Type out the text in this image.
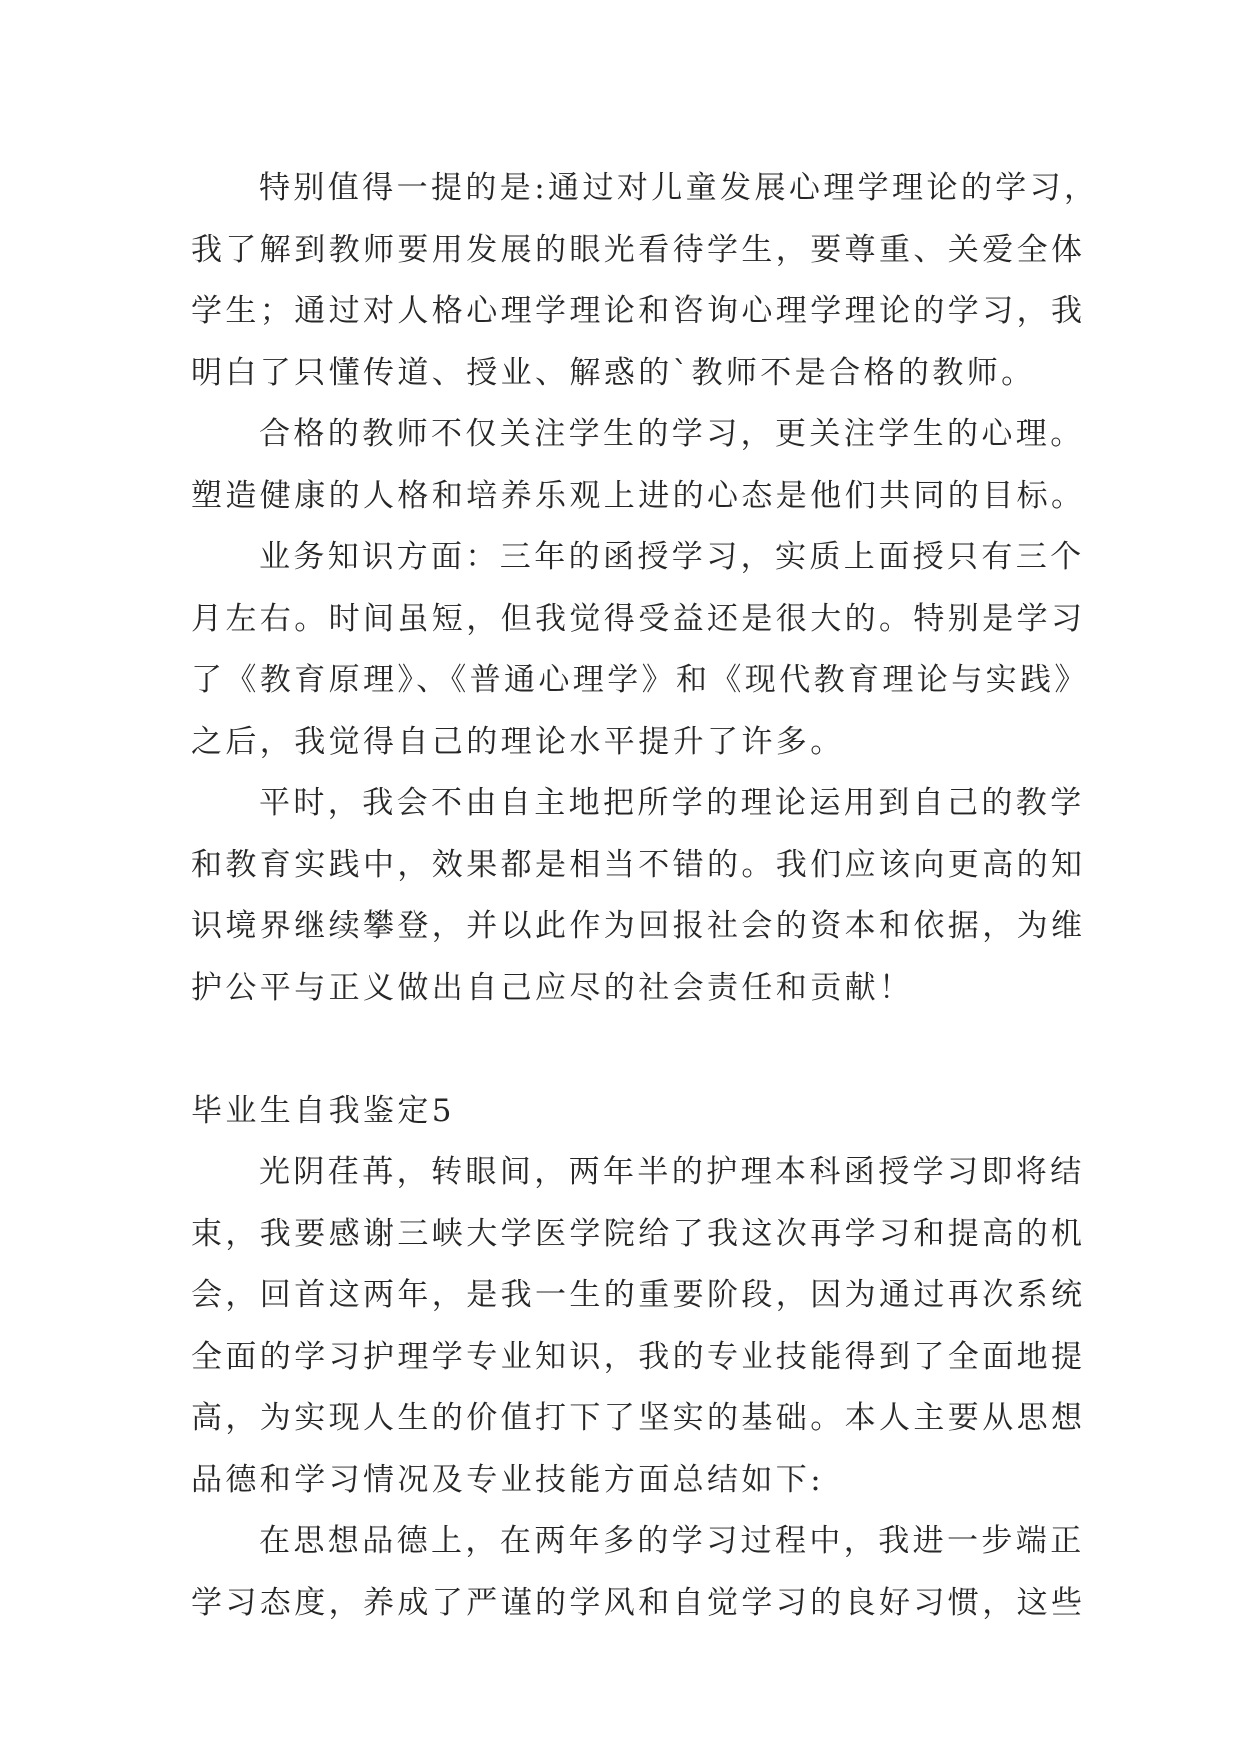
特别值得一提的是:通过对儿童发展心理学理论的学习，
我了解到教师要用发展的眼光看待学生，要尊重、关爱全体
学生；通过对人格心理学理论和咨询心理学理论的学习，我
明白了只懂传道、授业、解惑的`教师不是合格的教师。
合格的教师不仅关注学生的学习，更关注学生的心理。
塑造健康的人格和培养乐观上进的心态是他们共同的目标。
业务知识方面：三年的函授学习，实质上面授只有三个
月左右。时间虽短，但我觉得受益还是很大的。特别是学习
了《教育原理》、《普通心理学》和《现代教育理论与实践》
之后，我觉得自己的理论水平提升了许多。
平时，我会不由自主地把所学的理论运用到自己的教学
和教育实践中，效果都是相当不错的。我们应该向更高的知
识境界继续攀登，并以此作为回报社会的资本和依据，为维
护公平与正义做出自己应尽的社会责任和贡献！
毕业生自我鉴定5
光阴荏苒，转眼间，两年半的护理本科函授学习即将结
束，我要感谢三峡大学医学院给了我这次再学习和提高的机
会，回首这两年，是我一生的重要阶段，因为通过再次系统
全面的学习护理学专业知识，我的专业技能得到了全面地提
高，为实现人生的价值打下了坚实的基础。本人主要从思想
品德和学习情况及专业技能方面总结如下:
在思想品德上，在两年多的学习过程中，我进一步端正
学习态度，养成了严谨的学风和自觉学习的良好习惯，这些
